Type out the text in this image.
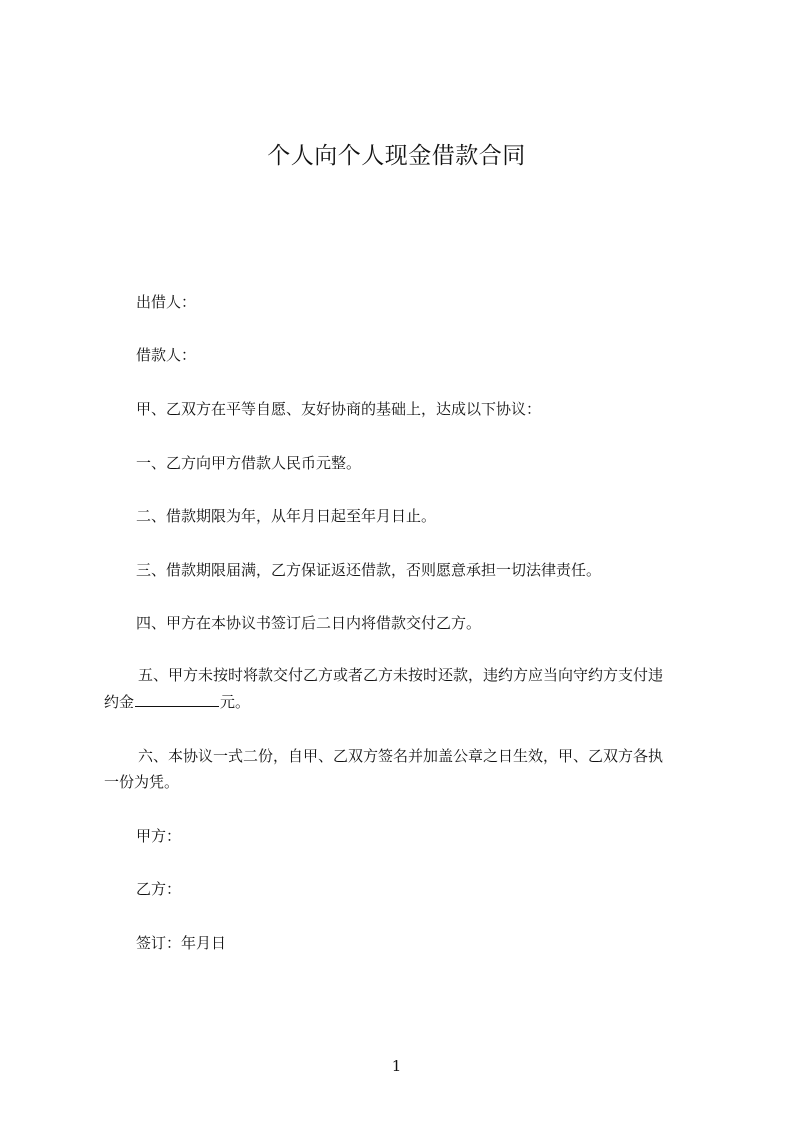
个人向个人现金借款合同
出借人：
借款人：
甲、乙双方在平等自愿、友好协商的基础上，达成以下协议：
一、乙方向甲方借款人民币元整。
二、借款期限为年，从年月日起至年月日止。
三、借款期限届满，乙方保证返还借款，否则愿意承担一切法律责任。
四、甲方在本协议书签订后二日内将借款交付乙方。
五、甲方未按时将款交付乙方或者乙方未按时还款，违约方应当向守约方支付违
约金	元。
六、本协议一式二份，自甲、乙双方签名并加盖公章之日生效，甲、乙双方各执
一份为凭。
甲方：
乙方：
签订：年月日
1
